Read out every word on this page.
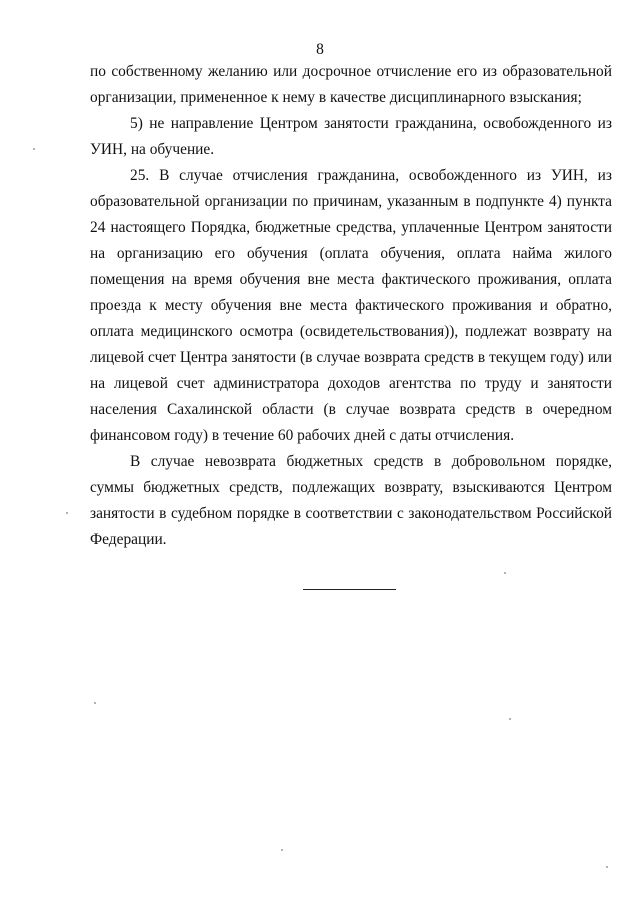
8

по собственному желанию или досрочное отчисление его из образовательной организации, примененное к нему в качестве дисциплинарного взыскания;

5) не направление Центром занятости гражданина, освобожденного из УИН, на обучение.

25. В случае отчисления гражданина, освобожденного из УИН, из образовательной организации по причинам, указанным в подпункте 4) пункта 24 настоящего Порядка, бюджетные средства, уплаченные Центром занятости на организацию его обучения (оплата обучения, оплата найма жилого помещения на время обучения вне места фактического проживания, оплата проезда к месту обучения вне места фактического проживания и обратно, оплата медицинского осмотра (освидетельствования)), подлежат возврату на лицевой счет Центра занятости (в случае возврата средств в текущем году) или на лицевой счет администратора доходов агентства по труду и занятости населения Сахалинской области (в случае возврата средств в очередном финансовом году) в течение 60 рабочих дней с даты отчисления.

В случае невозврата бюджетных средств в добровольном порядке, суммы бюджетных средств, подлежащих возврату, взыскиваются Центром занятости в судебном порядке в соответствии с законодательством Российской Федерации.
